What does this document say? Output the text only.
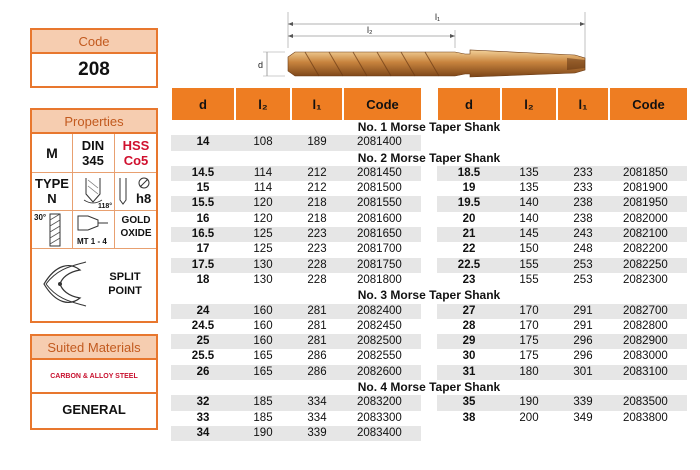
Code
208
Properties
M	DIN
345
HSS
Co5
TYPE
N
118°
h8
30°
MT 1 - 4
GOLD
OXIDE
SPLIT
POINT
Suited Materials
CARBON & ALLOY STEEL
GENERAL
l₁
l₂
d
d	l₂	l₁	Code		d	l₂	l₁	Code
No. 1 Morse Taper Shank								
14	108	189	2081400					
No. 2 Morse Taper Shank								
14.5	114	212	2081450		18.5	135	233	2081850
15	114	212	2081500		19	135	233	2081900
15.5	120	218	2081550		19.5	140	238	2081950
16	120	218	2081600		20	140	238	2082000
16.5	125	223	2081650		21	145	243	2082100
17	125	223	2081700		22	150	248	2082200
17.5	130	228	2081750		22.5	155	253	2082250
18	130	228	2081800		23	155	253	2082300
No. 3 Morse Taper Shank								
24	160	281	2082400		27	170	291	2082700
24.5	160	281	2082450		28	170	291	2082800
25	160	281	2082500		29	175	296	2082900
25.5	165	286	2082550		30	175	296	2083000
26	165	286	2082600		31	180	301	2083100
No. 4 Morse Taper Shank								
32	185	334	2083200		35	190	339	2083500
33	185	334	2083300		38	200	349	2083800
34	190	339	2083400					
